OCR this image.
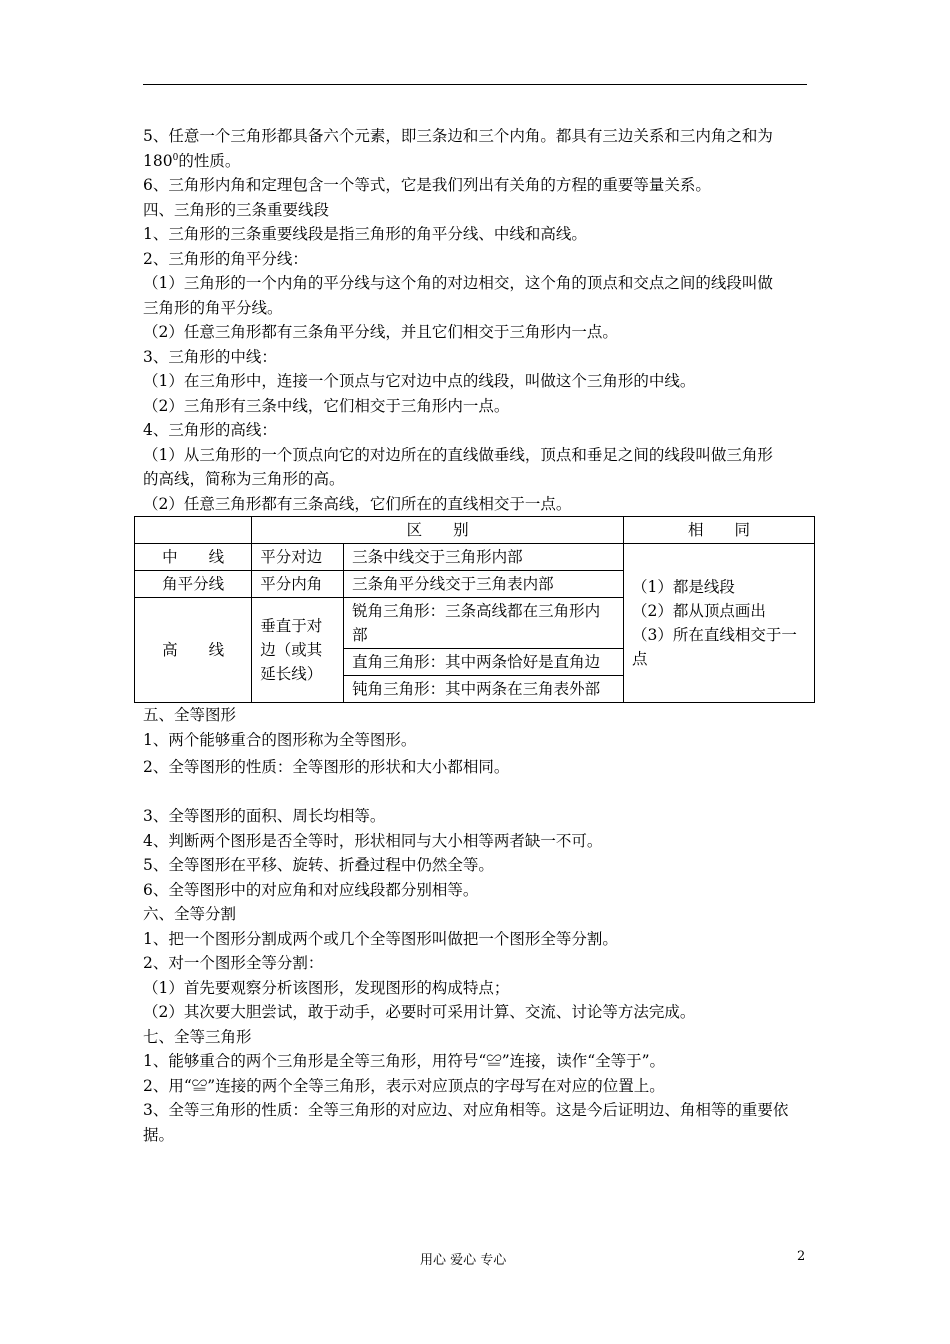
5、任意一个三角形都具备六个元素，即三条边和三个内角。都具有三边关系和三内角之和为

$180^0$的性质。

6、三角形内角和定理包含一个等式，它是我们列出有关角的方程的重要等量关系。

四、三角形的三条重要线段

1、三角形的三条重要线段是指三角形的角平分线、中线和高线。

2、三角形的角平分线：

（1）三角形的一个内角的平分线与这个角的对边相交，这个角的顶点和交点之间的线段叫做

三角形的角平分线。

（2）任意三角形都有三条角平分线，并且它们相交于三角形内一点。

3、三角形的中线：

（1）在三角形中，连接一个顶点与它对边中点的线段，叫做这个三角形的中线。

（2）三角形有三条中线，它们相交于三角形内一点。

4、三角形的高线：

（1）从三角形的一个顶点向它的对边所在的直线做垂线，顶点和垂足之间的线段叫做三角形

的高线，简称为三角形的高。

（2）任意三角形都有三条高线，它们所在的直线相交于一点。

	区　　别		相　　同
中　　线	平分对边	三条中线交于三角形内部	（1）都是线段
（2）都从顶点画出
（3）所在直线相交于一点

角平分线	平分内角	三条角平分线交于三角表内部	
高　　线	垂直于对边（或其延长线）	锐角三角形：三条高线都在三角形内部	
		直角三角形：其中两条恰好是直角边	
		钝角三角形：其中两条在三角表外部	

五、全等图形

1、两个能够重合的图形称为全等图形。

2、全等图形的性质：全等图形的形状和大小都相同。

3、全等图形的面积、周长均相等。

4、判断两个图形是否全等时，形状相同与大小相等两者缺一不可。

5、全等图形在平移、旋转、折叠过程中仍然全等。

6、全等图形中的对应角和对应线段都分别相等。

六、全等分割

1、把一个图形分割成两个或几个全等图形叫做把一个图形全等分割。

2、对一个图形全等分割：

（1）首先要观察分析该图形，发现图形的构成特点；

（2）其次要大胆尝试，敢于动手，必要时可采用计算、交流、讨论等方法完成。

七、全等三角形

1、能够重合的两个三角形是全等三角形，用符号“≌”连接，读作“全等于”。

2、用“≌”连接的两个全等三角形，表示对应顶点的字母写在对应的位置上。

3、全等三角形的性质：全等三角形的对应边、对应角相等。这是今后证明边、角相等的重要依

据。

用心 爱心 专心	2
